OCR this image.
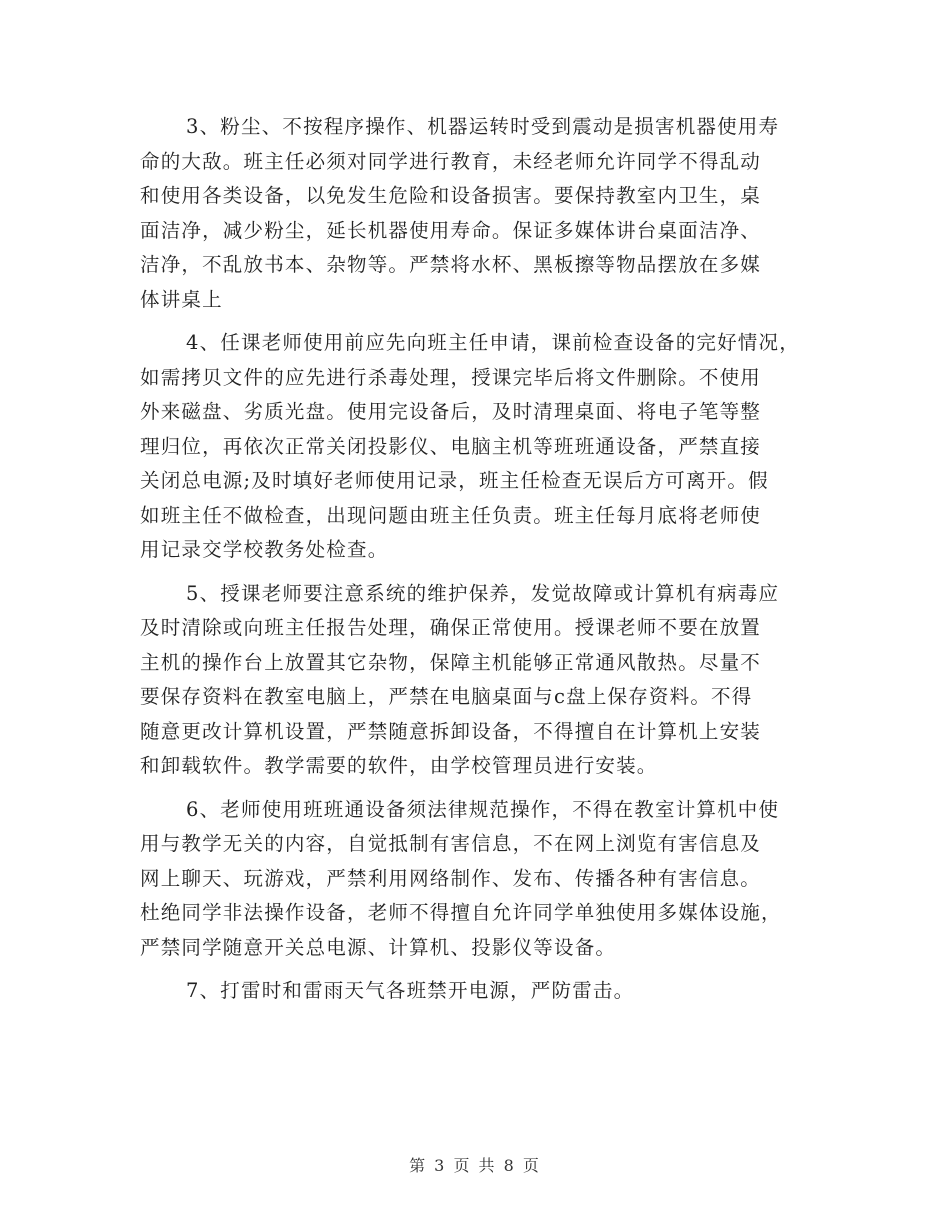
3、粉尘、不按程序操作、机器运转时受到震动是损害机器使用寿
命的大敌。班主任必须对同学进行教育，未经老师允许同学不得乱动
和使用各类设备，以免发生危险和设备损害。要保持教室内卫生，桌
面洁净，减少粉尘，延长机器使用寿命。保证多媒体讲台桌面洁净、
洁净，不乱放书本、杂物等。严禁将水杯、黑板擦等物品摆放在多媒
体讲桌上
4、任课老师使用前应先向班主任申请，课前检查设备的完好情况，
如需拷贝文件的应先进行杀毒处理，授课完毕后将文件删除。不使用
外来磁盘、劣质光盘。使用完设备后，及时清理桌面、将电子笔等整
理归位，再依次正常关闭投影仪、电脑主机等班班通设备，严禁直接
关闭总电源;及时填好老师使用记录，班主任检查无误后方可离开。假
如班主任不做检查，出现问题由班主任负责。班主任每月底将老师使
用记录交学校教务处检查。
5、授课老师要注意系统的维护保养，发觉故障或计算机有病毒应
及时清除或向班主任报告处理，确保正常使用。授课老师不要在放置
主机的操作台上放置其它杂物，保障主机能够正常通风散热。尽量不
要保存资料在教室电脑上，严禁在电脑桌面与c盘上保存资料。不得
随意更改计算机设置，严禁随意拆卸设备，不得擅自在计算机上安装
和卸载软件。教学需要的软件，由学校管理员进行安装。
6、老师使用班班通设备须法律规范操作，不得在教室计算机中使
用与教学无关的内容，自觉抵制有害信息，不在网上浏览有害信息及
网上聊天、玩游戏，严禁利用网络制作、发布、传播各种有害信息。
杜绝同学非法操作设备，老师不得擅自允许同学单独使用多媒体设施，
严禁同学随意开关总电源、计算机、投影仪等设备。
7、打雷时和雷雨天气各班禁开电源，严防雷击。
第 3 页 共 8 页
